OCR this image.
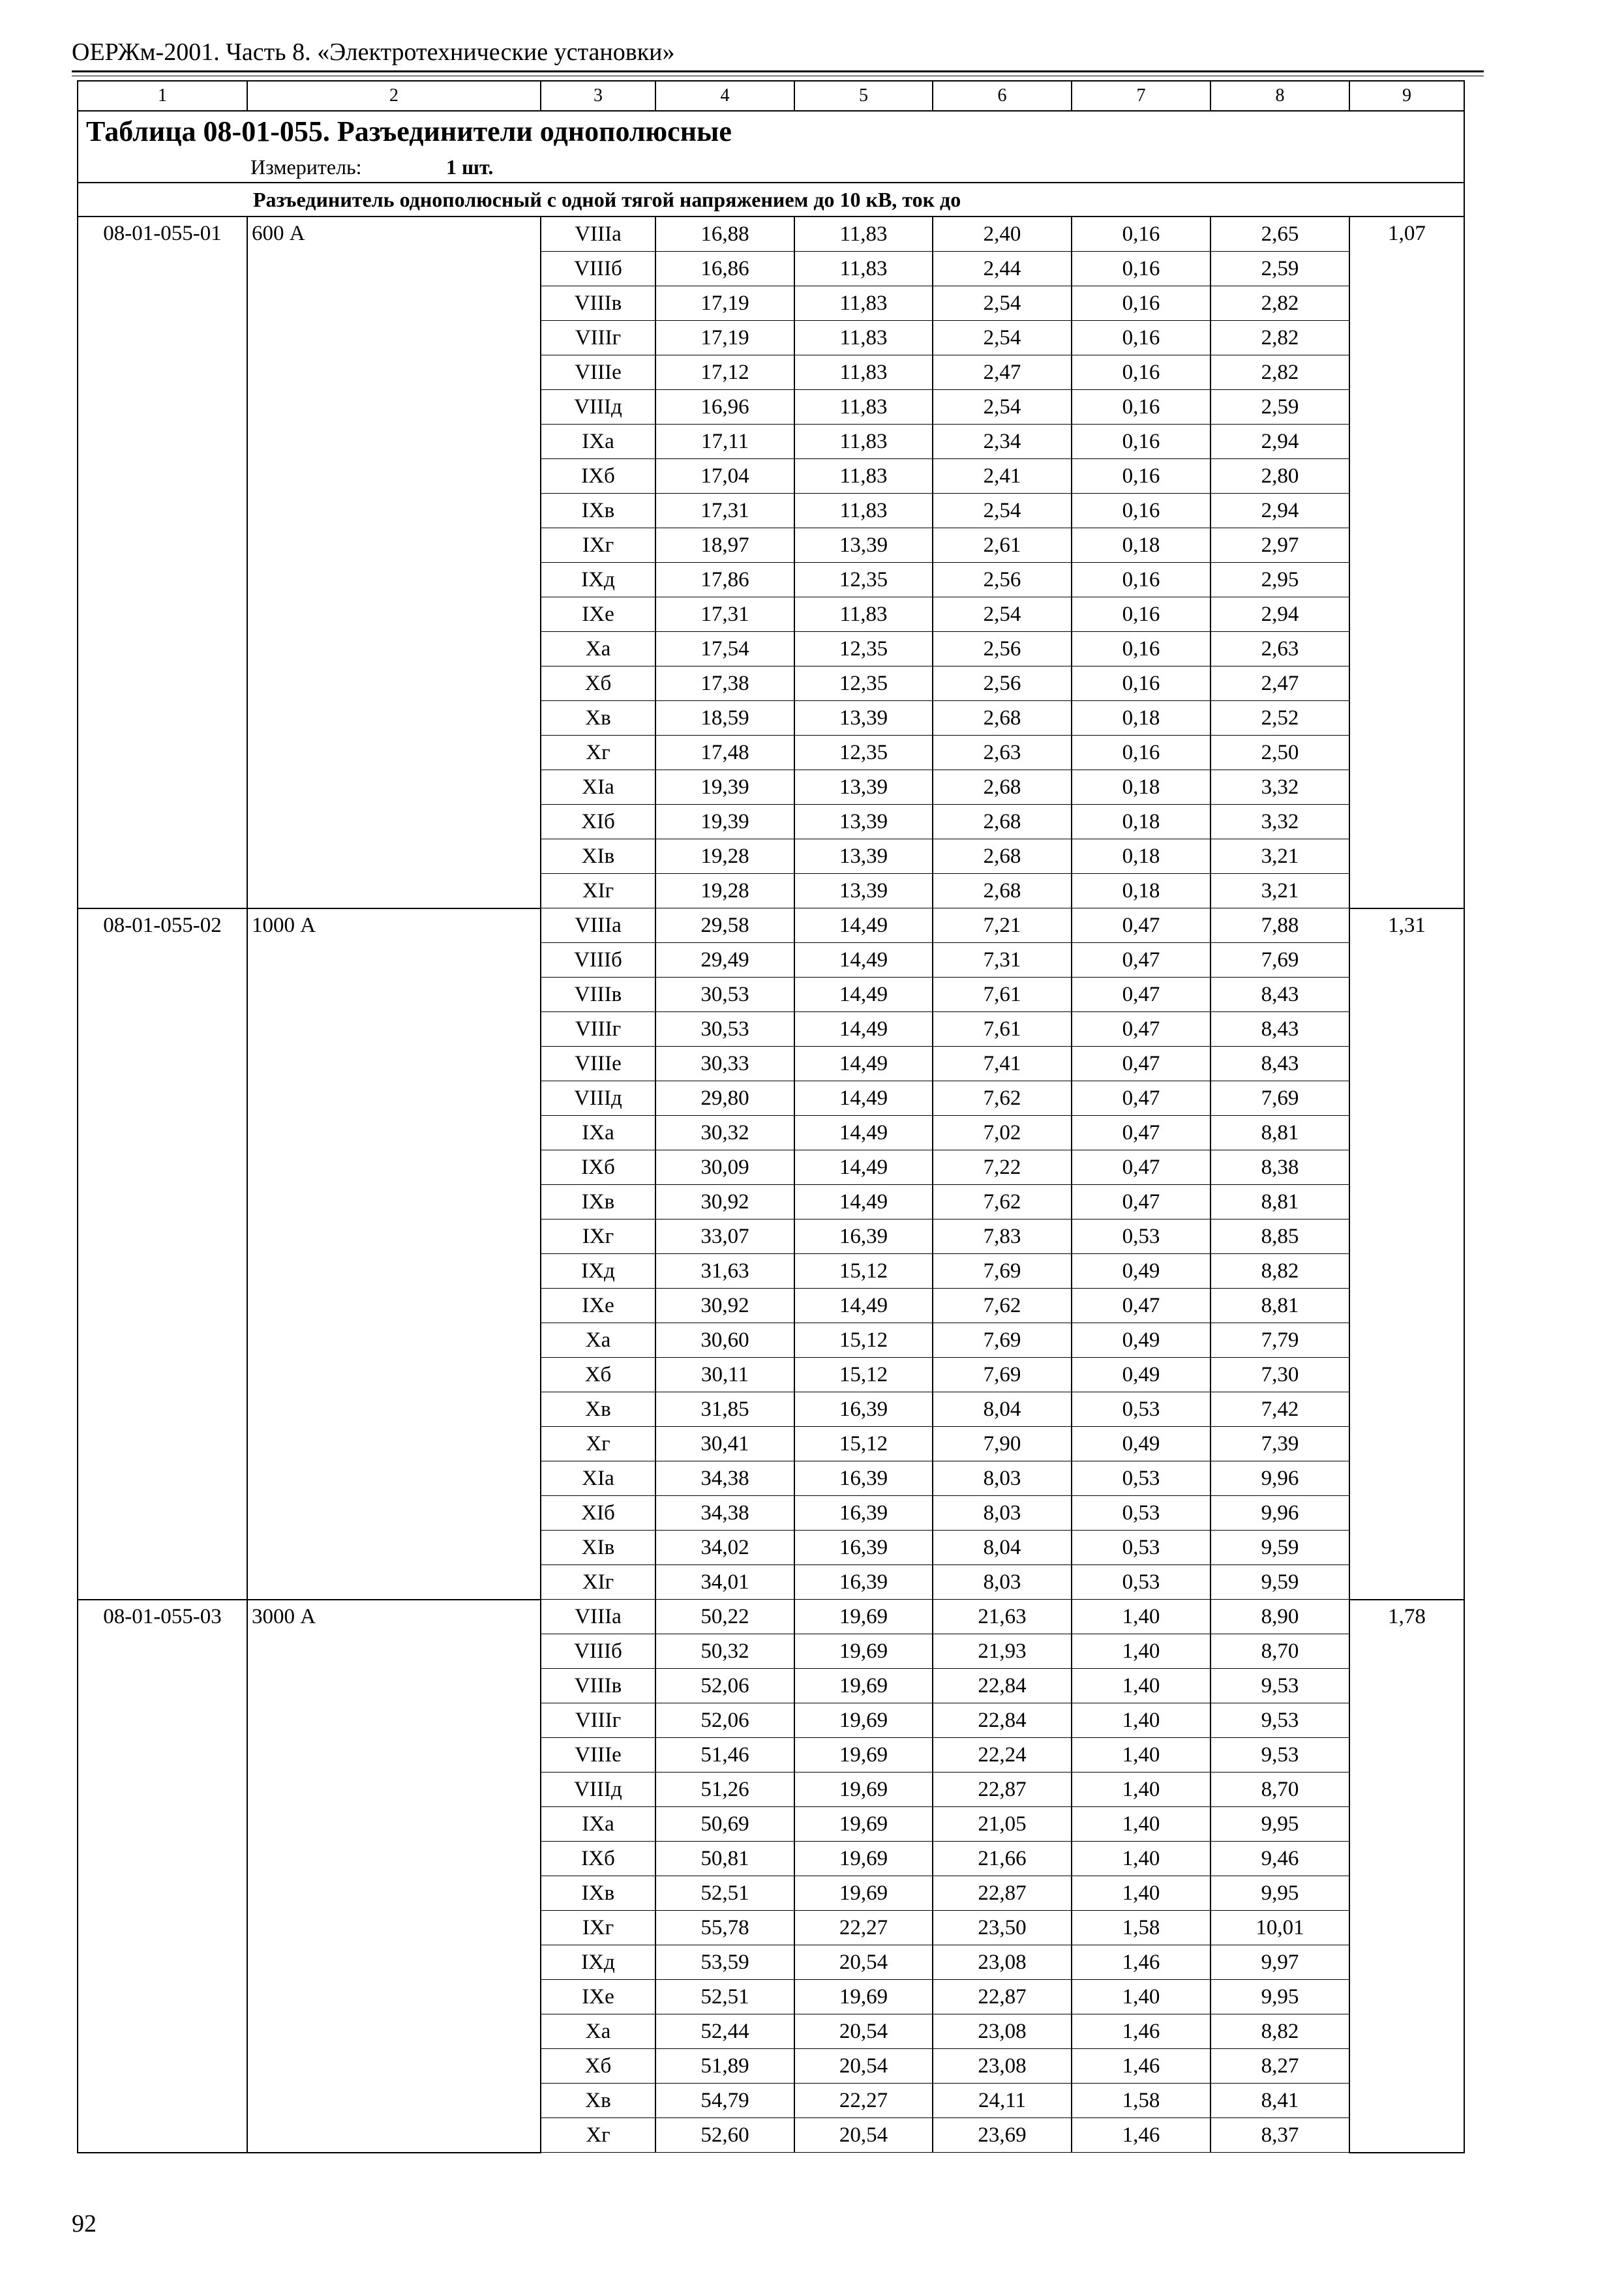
ОЕРЖм-2001. Часть 8. «Электротехнические установки»
1	2	3	4	5	6	7	8	9
Таблица 08-01-055. Разъединители однополюсные								
Измеритель: 1 шт.								
Разъединитель однополюсный с одной тягой напряжением до 10 кВ, ток до								
08-01-055-01	600 А	VIIIа	16,88	11,83	2,40	0,16	2,65	1,07
		VIIIб	16,86	11,83	2,44	0,16	2,59	
		VIIIв	17,19	11,83	2,54	0,16	2,82	
		VIIIг	17,19	11,83	2,54	0,16	2,82	
		VIIIе	17,12	11,83	2,47	0,16	2,82	
		VIIIд	16,96	11,83	2,54	0,16	2,59	
		IXа	17,11	11,83	2,34	0,16	2,94	
		IXб	17,04	11,83	2,41	0,16	2,80	
		IXв	17,31	11,83	2,54	0,16	2,94	
		IXг	18,97	13,39	2,61	0,18	2,97	
		IXд	17,86	12,35	2,56	0,16	2,95	
		IXе	17,31	11,83	2,54	0,16	2,94	
		Xа	17,54	12,35	2,56	0,16	2,63	
		Xб	17,38	12,35	2,56	0,16	2,47	
		Xв	18,59	13,39	2,68	0,18	2,52	
		Xг	17,48	12,35	2,63	0,16	2,50	
		XIа	19,39	13,39	2,68	0,18	3,32	
		XIб	19,39	13,39	2,68	0,18	3,32	
		XIв	19,28	13,39	2,68	0,18	3,21	
		XIг	19,28	13,39	2,68	0,18	3,21	
08-01-055-02	1000 А	VIIIа	29,58	14,49	7,21	0,47	7,88	1,31
		VIIIб	29,49	14,49	7,31	0,47	7,69	
		VIIIв	30,53	14,49	7,61	0,47	8,43	
		VIIIг	30,53	14,49	7,61	0,47	8,43	
		VIIIе	30,33	14,49	7,41	0,47	8,43	
		VIIIд	29,80	14,49	7,62	0,47	7,69	
		IXа	30,32	14,49	7,02	0,47	8,81	
		IXб	30,09	14,49	7,22	0,47	8,38	
		IXв	30,92	14,49	7,62	0,47	8,81	
		IXг	33,07	16,39	7,83	0,53	8,85	
		IXд	31,63	15,12	7,69	0,49	8,82	
		IXе	30,92	14,49	7,62	0,47	8,81	
		Xа	30,60	15,12	7,69	0,49	7,79	
		Xб	30,11	15,12	7,69	0,49	7,30	
		Xв	31,85	16,39	8,04	0,53	7,42	
		Xг	30,41	15,12	7,90	0,49	7,39	
		XIа	34,38	16,39	8,03	0,53	9,96	
		XIб	34,38	16,39	8,03	0,53	9,96	
		XIв	34,02	16,39	8,04	0,53	9,59	
		XIг	34,01	16,39	8,03	0,53	9,59	
08-01-055-03	3000 А	VIIIа	50,22	19,69	21,63	1,40	8,90	1,78
		VIIIб	50,32	19,69	21,93	1,40	8,70	
		VIIIв	52,06	19,69	22,84	1,40	9,53	
		VIIIг	52,06	19,69	22,84	1,40	9,53	
		VIIIе	51,46	19,69	22,24	1,40	9,53	
		VIIIд	51,26	19,69	22,87	1,40	8,70	
		IXа	50,69	19,69	21,05	1,40	9,95	
		IXб	50,81	19,69	21,66	1,40	9,46	
		IXв	52,51	19,69	22,87	1,40	9,95	
		IXг	55,78	22,27	23,50	1,58	10,01	
		IXд	53,59	20,54	23,08	1,46	9,97	
		IXе	52,51	19,69	22,87	1,40	9,95	
		Xа	52,44	20,54	23,08	1,46	8,82	
		Xб	51,89	20,54	23,08	1,46	8,27	
		Xв	54,79	22,27	24,11	1,58	8,41	
		Xг	52,60	20,54	23,69	1,46	8,37	
92
